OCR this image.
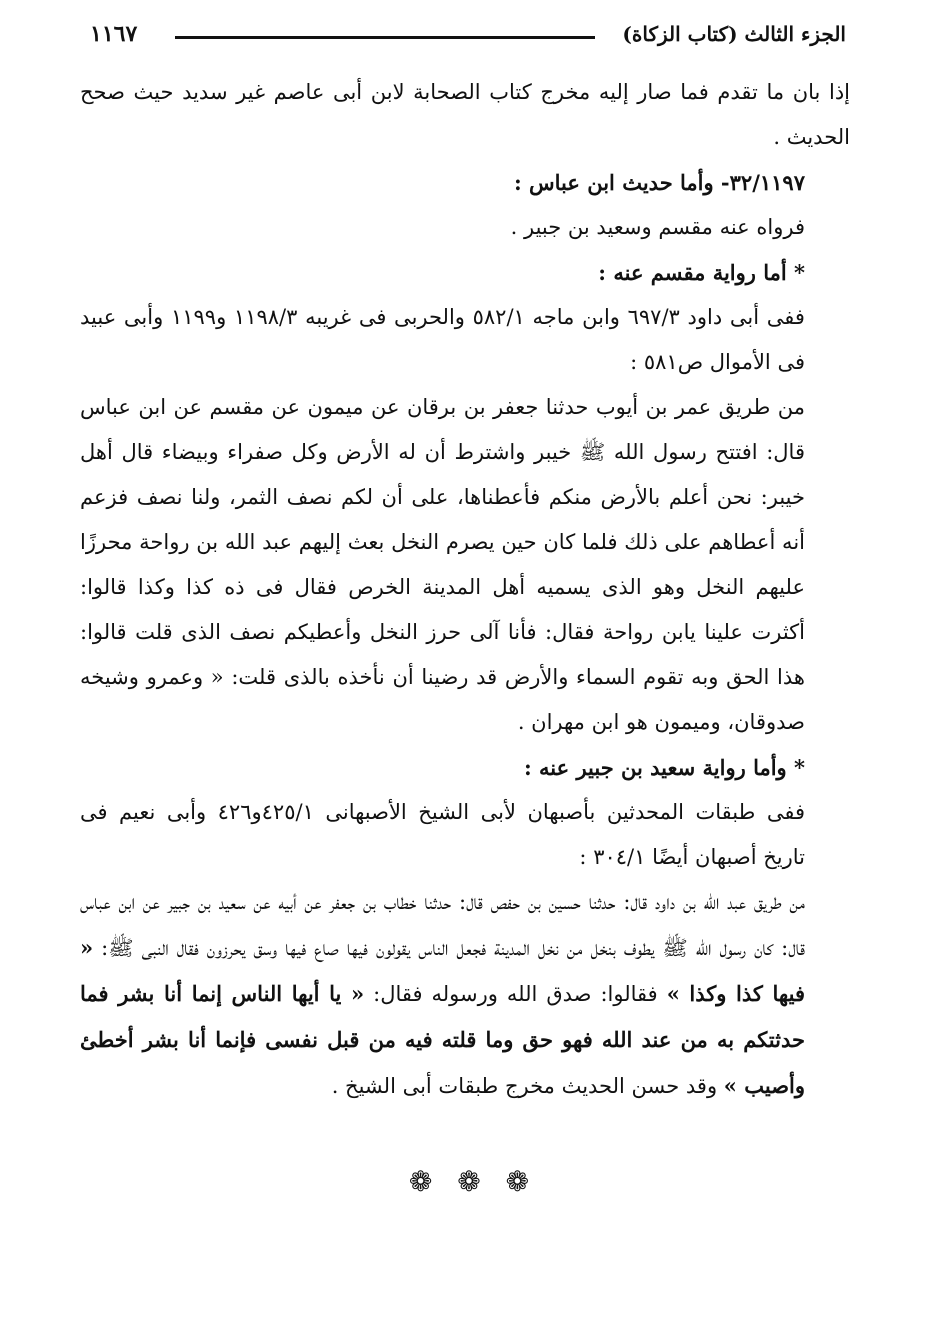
الجزء الثالث (كتاب الزكاة)
١١٦٧

إذا بان ما تقدم فما صار إليه مخرج كتاب الصحابة لابن أبى عاصم غير سديد حيث صحح الحديث .

٣٢/١١٩٧- وأما حديث ابن عباس :

فرواه عنه مقسم وسعيد بن جبير .

* أما رواية مقسم عنه :

ففى أبى داود ٦٩٧/٣ وابن ماجه ٥٨٢/١ والحربى فى غريبه ١١٩٨/٣ و١١٩٩ وأبى عبيد فى الأموال ص٥٨١ :

من طريق عمر بن أيوب حدثنا جعفر بن برقان عن ميمون عن مقسم عن ابن عباس قال: افتتح رسول الله ﷺ خيبر واشترط أن له الأرض وكل صفراء وبيضاء قال أهل خيبر: نحن أعلم بالأرض منكم فأعطناها، على أن لكم نصف الثمر، ولنا نصف فزعم أنه أعطاهم على ذلك فلما كان حين يصرم النخل بعث إليهم عبد الله بن رواحة محرزًا عليهم النخل وهو الذى يسميه أهل المدينة الخرص فقال فى ذه كذا وكذا قالوا: أكثرت علينا يابن رواحة فقال: فأنا آلى حرز النخل وأعطيكم نصف الذى قلت قالوا: هذا الحق وبه تقوم السماء والأرض قد رضينا أن نأخذه بالذى قلت: « وعمرو وشيخه صدوقان، وميمون هو ابن مهران .

* وأما رواية سعيد بن جبير عنه :

ففى طبقات المحدثين بأصبهان لأبى الشيخ الأصبهانى ٤٢٥/١و٤٢٦ وأبى نعيم فى تاريخ أصبهان أيضًا ٣٠٤/١ :

من طريق عبد الله بن داود قال: حدثنا حسين بن حفص قال: حدثنا خطاب بن جعفر عن أبيه عن سعيد بن جبير عن ابن عباس قال: كان رسول الله ﷺ يطوف بنخل من نخل المدينة فجعل الناس يقولون فيها صاع فيها وسق يحرزون فقال النبى ﷺ: « فيها كذا وكذا » فقالوا: صدق الله ورسوله فقال: « يا أيها الناس إنما أنا بشر فما حدثتكم به من عند الله فهو حق وما قلته فيه من قبل نفسى فإنما أنا بشر أخطئ وأصيب » وقد حسن الحديث مخرج طبقات أبى الشيخ .

❁ ❁ ❁
